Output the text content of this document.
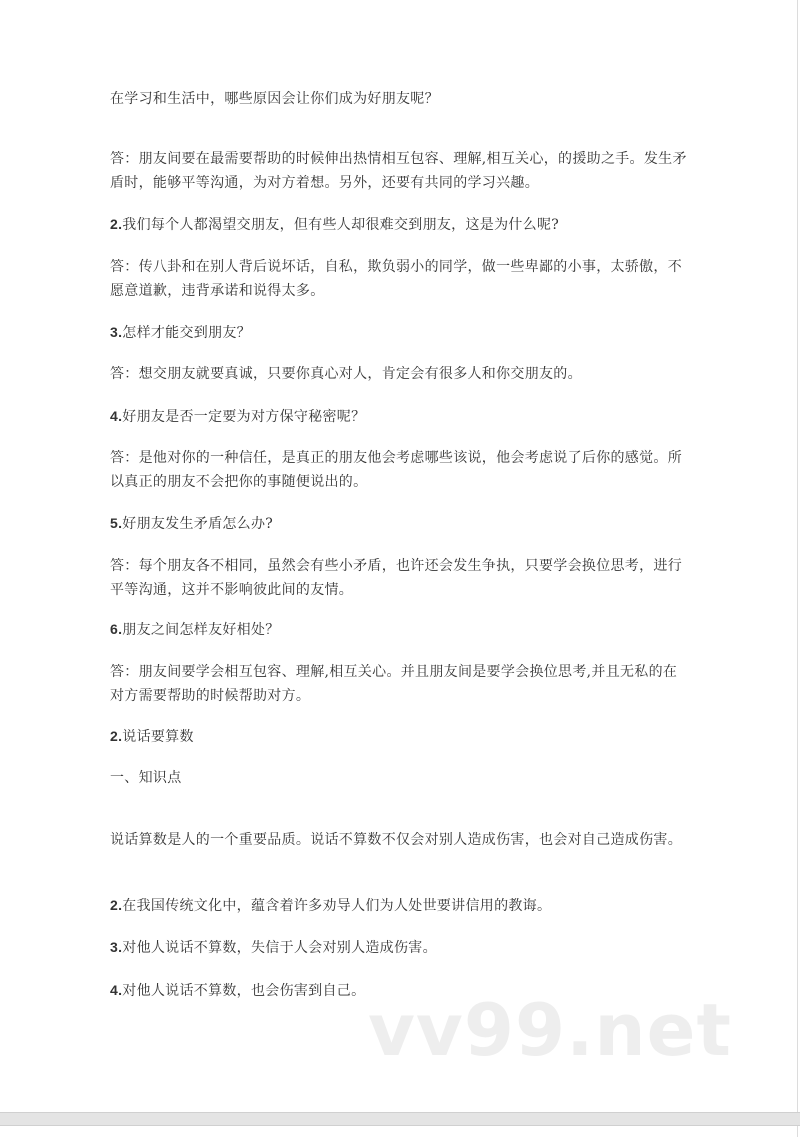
在学习和生活中，哪些原因会让你们成为好朋友呢？

答：朋友间要在最需要帮助的时候伸出热情相互包容、理解,相互关心，的援助之手。发生矛盾时，能够平等沟通，为对方着想。另外，还要有共同的学习兴趣。

2.我们每个人都渴望交朋友，但有些人却很难交到朋友，这是为什么呢?

答：传八卦和在别人背后说坏话，自私，欺负弱小的同学，做一些卑鄙的小事，太骄傲，不愿意道歉，违背承诺和说得太多。

3.怎样才能交到朋友？

答：想交朋友就要真诚，只要你真心对人，肯定会有很多人和你交朋友的。

4.好朋友是否一定要为对方保守秘密呢？

答：是他对你的一种信任，是真正的朋友他会考虑哪些该说，他会考虑说了后你的感觉。所以真正的朋友不会把你的事随便说出的。

5.好朋友发生矛盾怎么办?

答：每个朋友各不相同，虽然会有些小矛盾，也许还会发生争执，只要学会换位思考，进行平等沟通，这并不影响彼此间的友情。

6.朋友之间怎样友好相处？

答：朋友间要学会相互包容、理解,相互关心。并且朋友间是要学会换位思考,并且无私的在对方需要帮助的时候帮助对方。

2.说话要算数

一、知识点

说话算数是人的一个重要品质。说话不算数不仅会对别人造成伤害，也会对自己造成伤害。

2.在我国传统文化中，蕴含着许多劝导人们为人处世要讲信用的教诲。

3.对他人说话不算数，失信于人会对别人造成伤害。

4.对他人说话不算数，也会伤害到自己。 vv99.net
